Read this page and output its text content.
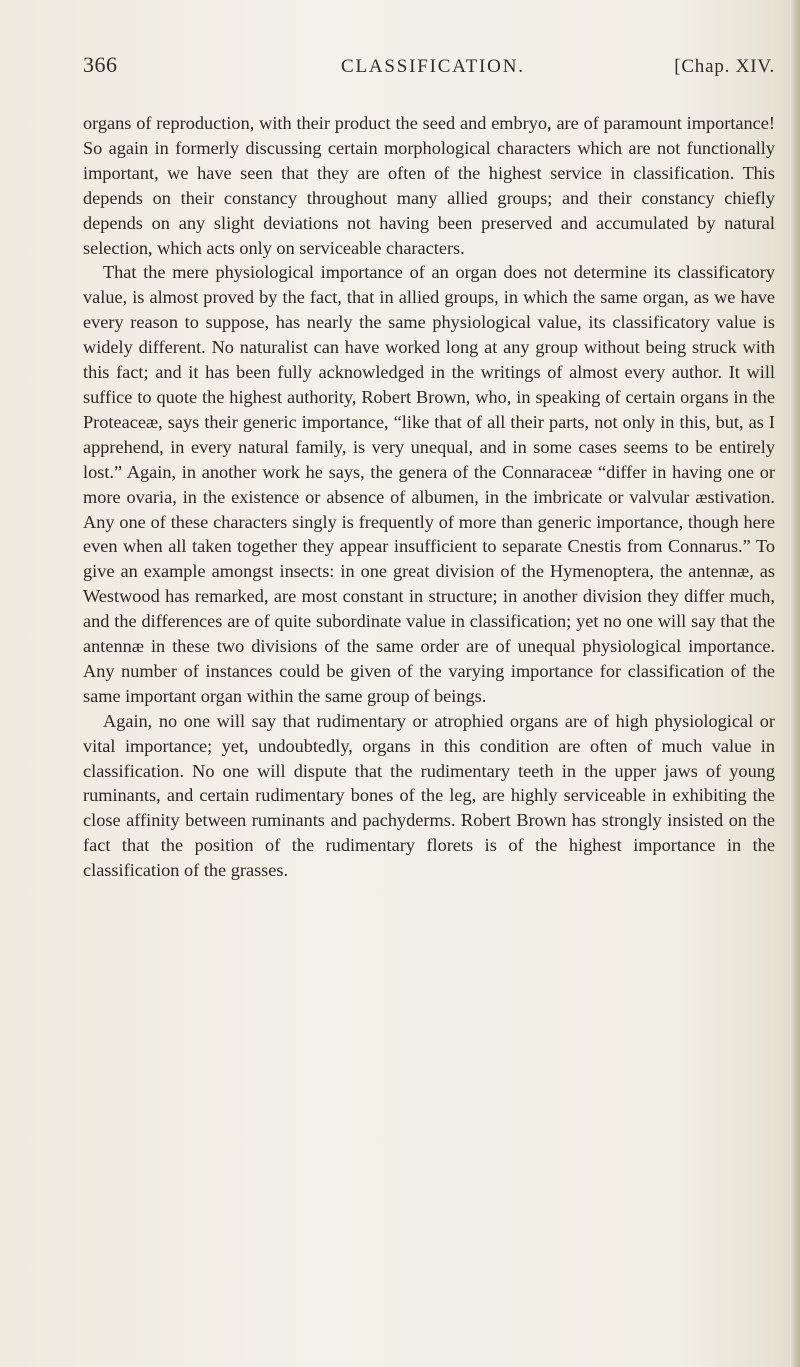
366	CLASSIFICATION.	[Chap. XIV.

organs of reproduction, with their product the seed and embryo, are of paramount importance! So again in formerly discussing certain morphological characters which are not functionally important, we have seen that they are often of the highest service in classification. This depends on their constancy throughout many allied groups; and their constancy chiefly depends on any slight deviations not having been preserved and accumulated by natural selection, which acts only on serviceable characters.

That the mere physiological importance of an organ does not determine its classificatory value, is almost proved by the fact, that in allied groups, in which the same organ, as we have every reason to suppose, has nearly the same physiological value, its classificatory value is widely different. No naturalist can have worked long at any group without being struck with this fact; and it has been fully acknowledged in the writings of almost every author. It will suffice to quote the highest authority, Robert Brown, who, in speaking of certain organs in the Proteaceæ, says their generic importance, “like that of all their parts, not only in this, but, as I apprehend, in every natural family, is very unequal, and in some cases seems to be entirely lost.” Again, in another work he says, the genera of the Connaraceæ “differ in having one or more ovaria, in the existence or absence of albumen, in the imbricate or valvular æstivation. Any one of these characters singly is frequently of more than generic importance, though here even when all taken together they appear insufficient to separate Cnestis from Connarus.” To give an example amongst insects: in one great division of the Hymenoptera, the antennæ, as Westwood has remarked, are most constant in structure; in another division they differ much, and the differences are of quite subordinate value in classification; yet no one will say that the antennæ in these two divisions of the same order are of unequal physiological importance. Any number of instances could be given of the varying importance for classification of the same important organ within the same group of beings.

Again, no one will say that rudimentary or atrophied organs are of high physiological or vital importance; yet, undoubtedly, organs in this condition are often of much value in classification. No one will dispute that the rudimentary teeth in the upper jaws of young ruminants, and certain rudimentary bones of the leg, are highly serviceable in exhibiting the close affinity between ruminants and pachyderms. Robert Brown has strongly insisted on the fact that the position of the rudimentary florets is of the highest importance in the classification of the grasses.
